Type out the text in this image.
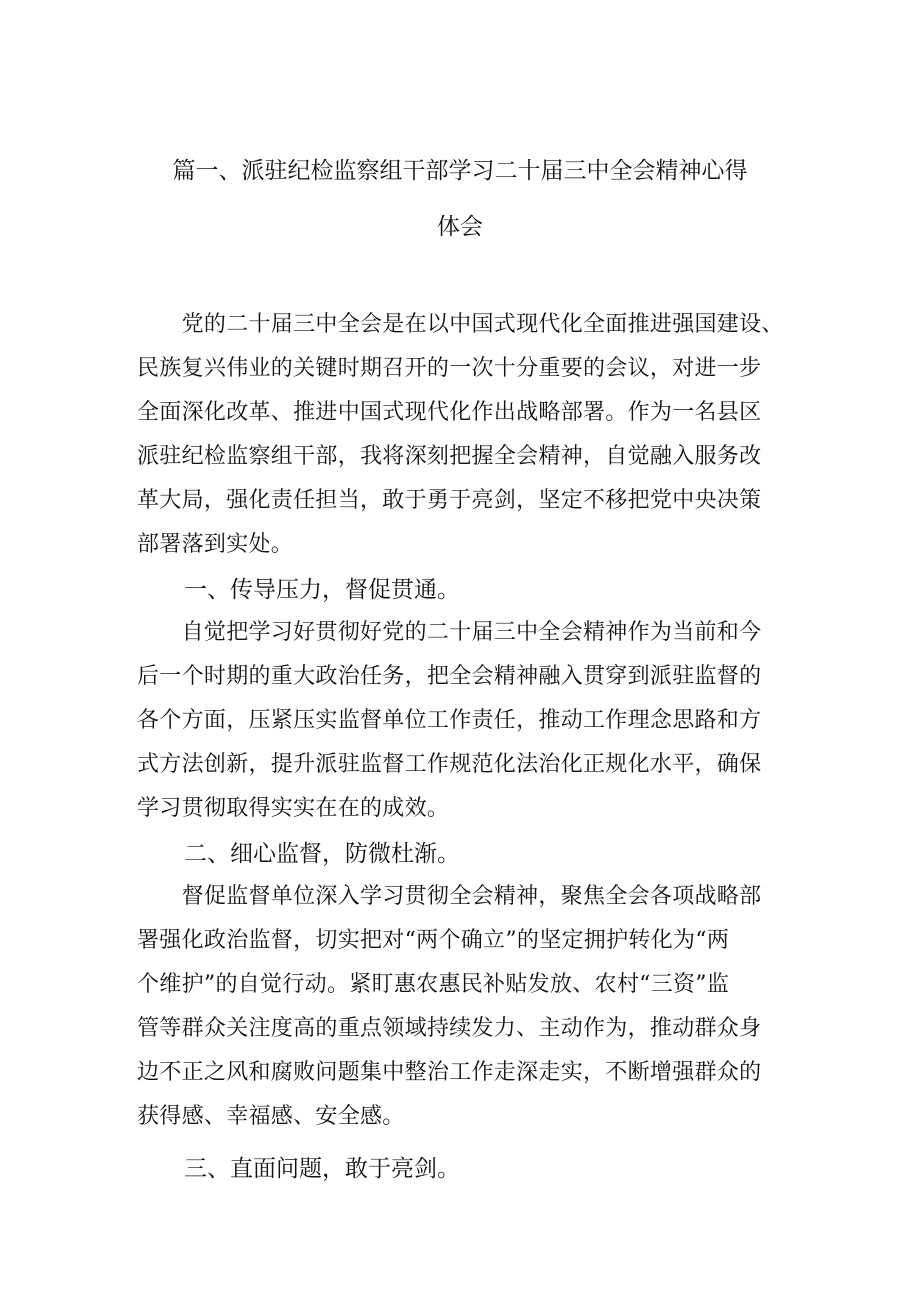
篇一、派驻纪检监察组干部学习二十届三中全会精神心得
体会
　　党的二十届三中全会是在以中国式现代化全面推进强国建设、
民族复兴伟业的关键时期召开的一次十分重要的会议，对进一步
全面深化改革、推进中国式现代化作出战略部署。作为一名县区
派驻纪检监察组干部，我将深刻把握全会精神，自觉融入服务改
革大局，强化责任担当，敢于勇于亮剑，坚定不移把党中央决策
部署落到实处。
一、传导压力，督促贯通。
　　自觉把学习好贯彻好党的二十届三中全会精神作为当前和今
后一个时期的重大政治任务，把全会精神融入贯穿到派驻监督的
各个方面，压紧压实监督单位工作责任，推动工作理念思路和方
式方法创新，提升派驻监督工作规范化法治化正规化水平，确保
学习贯彻取得实实在在的成效。
二、细心监督，防微杜渐。
　　督促监督单位深入学习贯彻全会精神，聚焦全会各项战略部
署强化政治监督，切实把对“两个确立”的坚定拥护转化为“两
个维护”的自觉行动。紧盯惠农惠民补贴发放、农村“三资”监
管等群众关注度高的重点领域持续发力、主动作为，推动群众身
边不正之风和腐败问题集中整治工作走深走实，不断增强群众的
获得感、幸福感、安全感。
三、直面问题，敢于亮剑。
